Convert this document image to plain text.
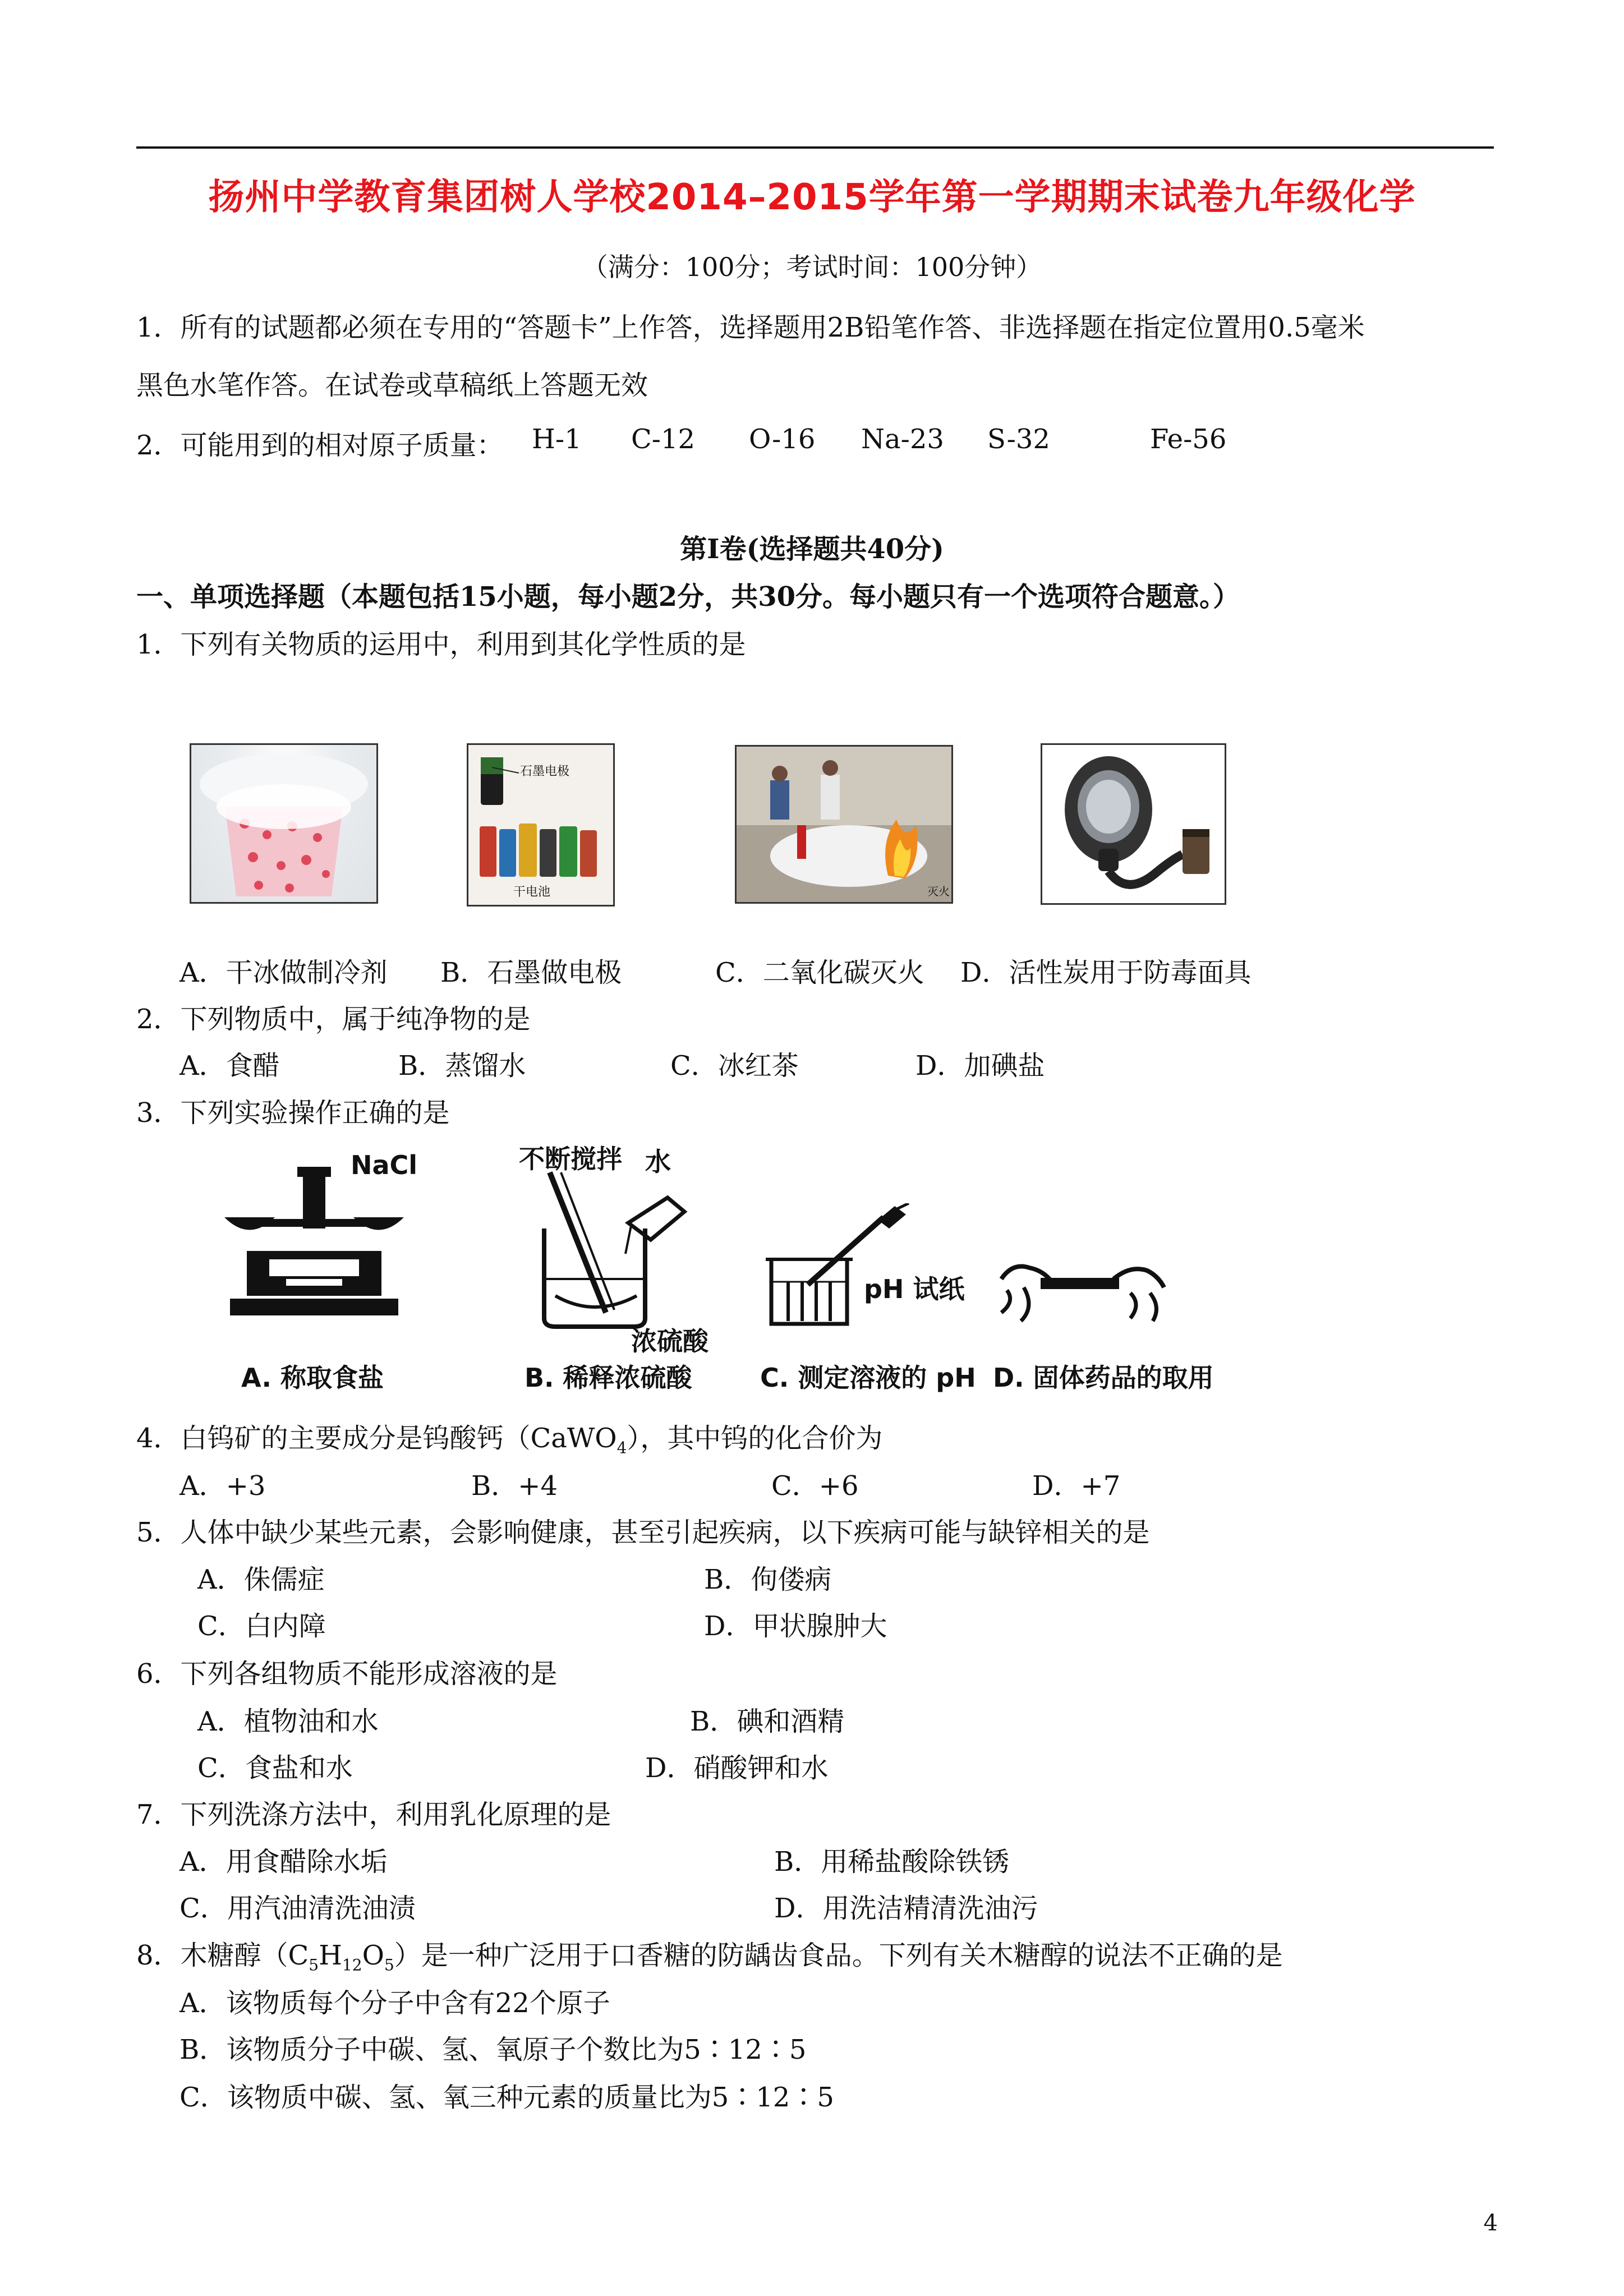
扬州中学教育集团树人学校2014–2015学年第一学期期末试卷九年级化学
（满分：100分；考试时间：100分钟）
1．所有的试题都必须在专用的“答题卡”上作答，选择题用2B铅笔作答、非选择题在指定位置用0.5毫米
黑色水笔作答。在试卷或草稿纸上答题无效
2．可能用到的相对原子质量： H-1 C-12 O-16 Na-23 S-32	Fe-56
第Ⅰ卷(选择题共40分)
一、单项选择题（本题包括15小题，每小题2分，共30分。每小题只有一个选项符合题意。）
1．下列有关物质的运用中，利用到其化学性质的是
石墨电极
干电池	灭火
A．干冰做制冷剂 B．石墨做电极	C．二氧化碳灭火 D．活性炭用于防毒面具
2．下列物质中，属于纯净物的是
A．食醋	B．蒸馏水	C．冰红茶	D．加碘盐
3．下列实验操作正确的是
NaCl	不断搅拌 水
浓硫酸
pH 试纸
A. 称取食盐	B. 稀释浓硫酸	C. 测定溶液的 pH D. 固体药品的取用
4．白钨矿的主要成分是钨酸钙（CaWO$_4$），其中钨的化合价为
A．+3	B．+4	C．+6	D．+7
5．人体中缺少某些元素，会影响健康，甚至引起疾病，以下疾病可能与缺锌相关的是
A．侏儒症	B．佝偻病
C．白内障	D．甲状腺肿大
6．下列各组物质不能形成溶液的是
A．植物油和水	B．碘和酒精
C．食盐和水	D．硝酸钾和水
7．下列洗涤方法中，利用乳化原理的是
A．用食醋除水垢	B．用稀盐酸除铁锈
C．用汽油清洗油渍	D．用洗洁精清洗油污
8．木糖醇$(C_5H_{12}O_5)$是一种广泛用于口香糖的防龋齿食品。下列有关木糖醇的说法不正确的是
A．该物质每个分子中含有22个原子
B．该物质分子中碳、氢、氧原子个数比为5∶12∶5
C．该物质中碳、氢、氧三种元素的质量比为5∶12∶5
4
